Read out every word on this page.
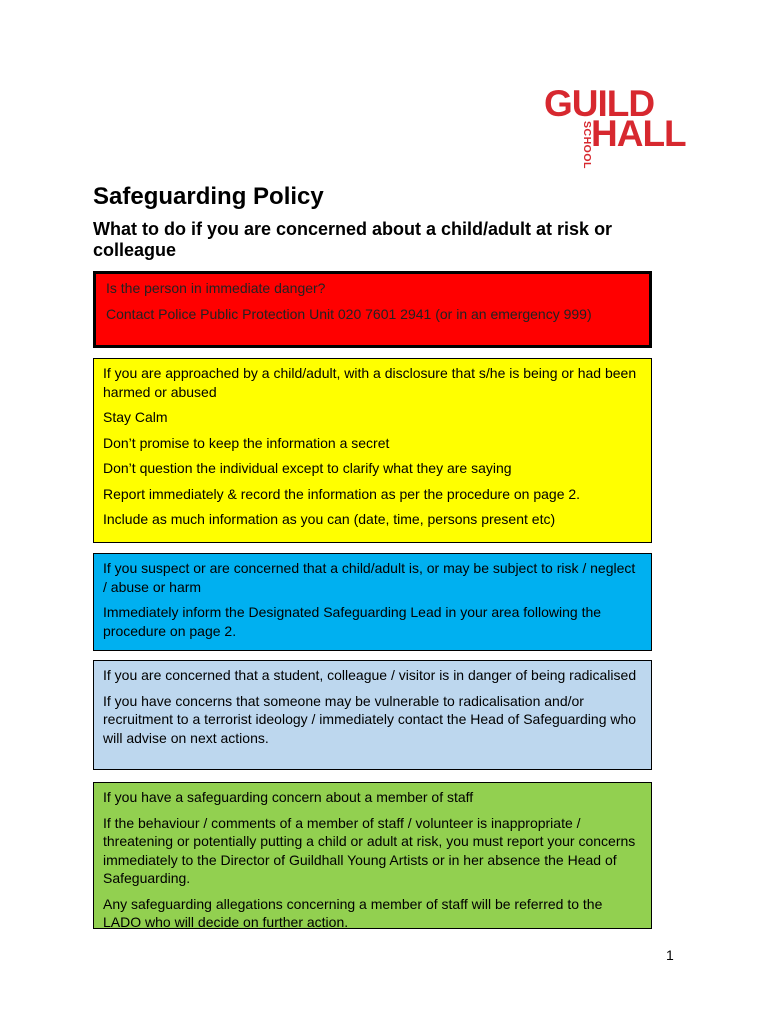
GUILD
SCHOOL
HALL
Safeguarding Policy
What to do if you are concerned about a child/adult at risk or colleague

Is the person in immediate danger?

Contact Police Public Protection Unit 020 7601 2941 (or in an emergency 999)

If you are approached by a child/adult, with a disclosure that s/he is being or had been harmed or abused

Stay Calm

Don’t promise to keep the information a secret

Don’t question the individual except to clarify what they are saying

Report immediately & record the information as per the procedure on page 2.

Include as much information as you can (date, time, persons present etc)

If you suspect or are concerned that a child/adult is, or may be subject to risk / neglect / abuse or harm

Immediately inform the Designated Safeguarding Lead in your area following the procedure on page 2.

If you are concerned that a student, colleague / visitor is in danger of being radicalised

If you have concerns that someone may be vulnerable to radicalisation and/or recruitment to a terrorist ideology / immediately contact the Head of Safeguarding who will advise on next actions.

If you have a safeguarding concern about a member of staff

If the behaviour / comments of a member of staff / volunteer is inappropriate / threatening or potentially putting a child or adult at risk, you must report your concerns immediately to the Director of Guildhall Young Artists or in her absence the Head of Safeguarding.

Any safeguarding allegations concerning a member of staff will be referred to the LADO who will decide on further action.

1
